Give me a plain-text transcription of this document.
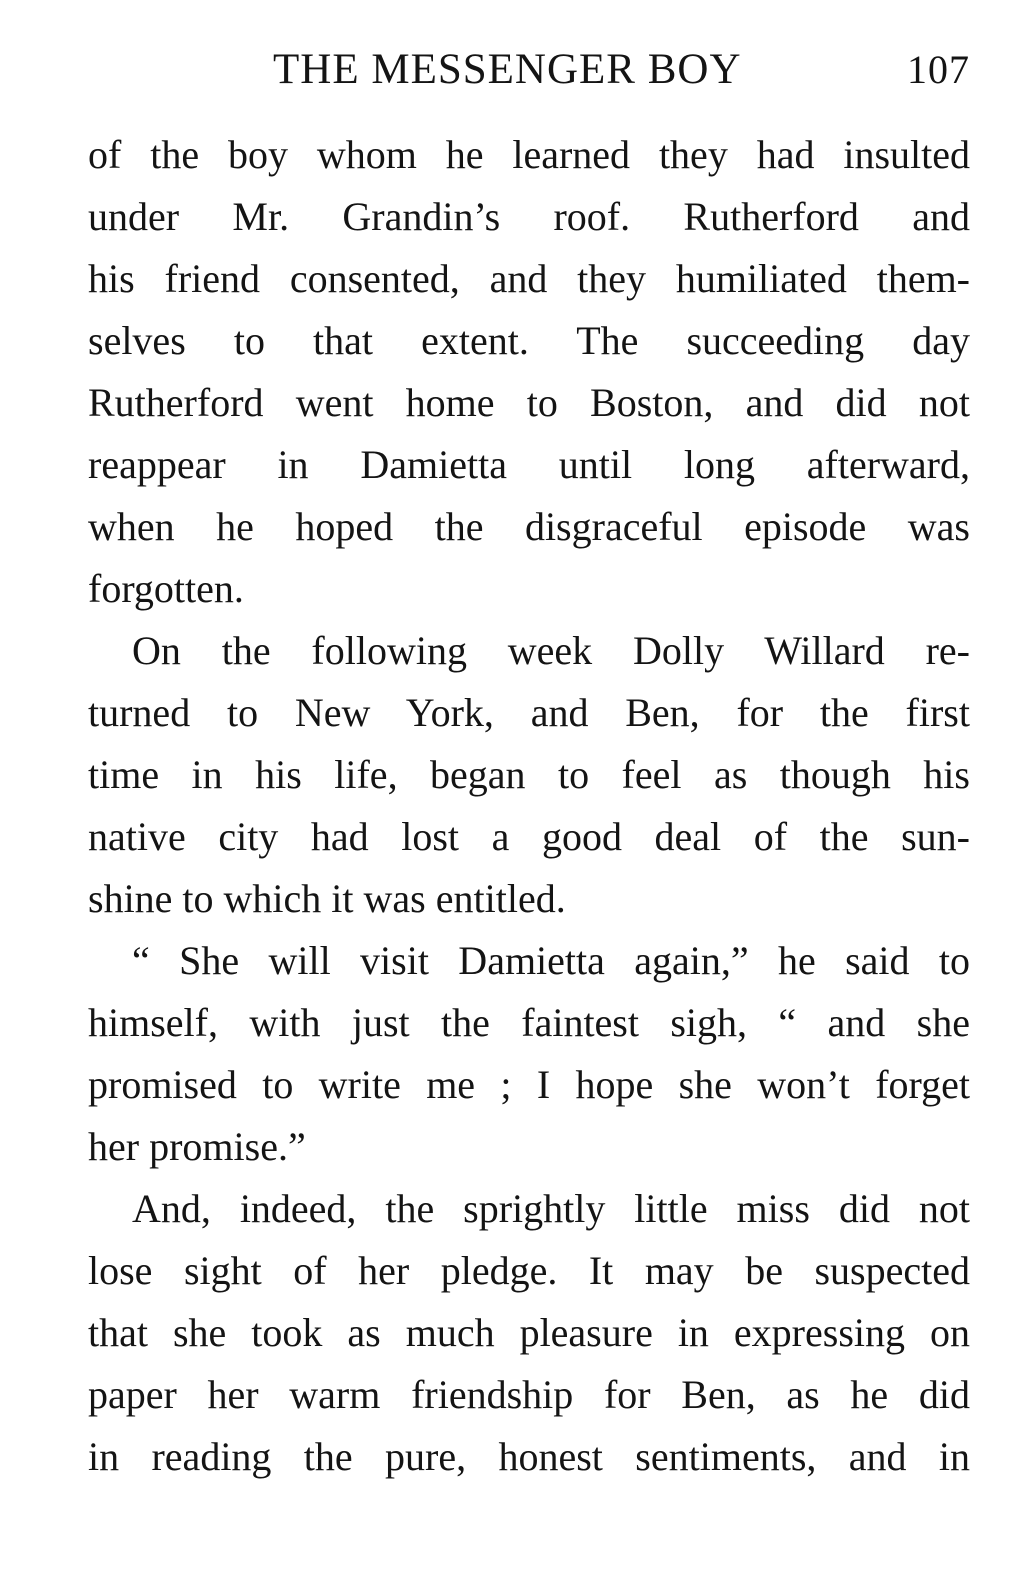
THE MESSENGER BOY	107
of the boy whom he learned they had insulted
under Mr. Grandin’s roof. Rutherford and
his friend consented, and they humiliated them-
selves to that extent. The succeeding day
Rutherford went home to Boston, and did not
reappear in Damietta until long afterward,
when he hoped the disgraceful episode was
forgotten.
On the following week Dolly Willard re-
turned to New York, and Ben, for the first
time in his life, began to feel as though his
native city had lost a good deal of the sun-
shine to which it was entitled.
“ She will visit Damietta again,” he said to
himself, with just the faintest sigh, “ and she
promised to write me ; I hope she won’t forget
her promise.”
And, indeed, the sprightly little miss did not
lose sight of her pledge. It may be suspected
that she took as much pleasure in expressing on
paper her warm friendship for Ben, as he did
in reading the pure, honest sentiments, and in
